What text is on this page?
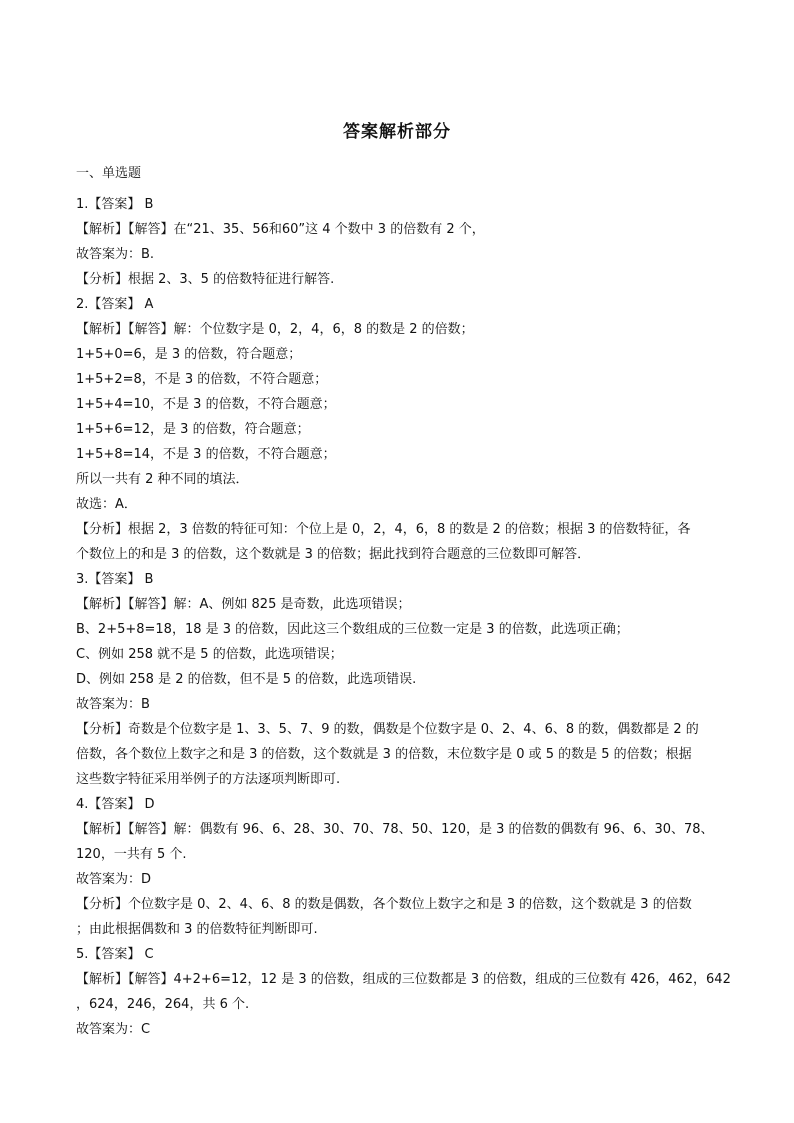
答案解析部分
一、单选题
1.【答案】 B
【解析】【解答】在“21、35、56和60”这 4 个数中 3 的倍数有 2 个，
故答案为：B.
【分析】根据 2、3、5 的倍数特征进行解答.
2.【答案】 A
【解析】【解答】解：个位数字是 0，2，4，6，8 的数是 2 的倍数；
1+5+0=6，是 3 的倍数，符合题意；
1+5+2=8，不是 3 的倍数，不符合题意；
1+5+4=10，不是 3 的倍数，不符合题意；
1+5+6=12，是 3 的倍数，符合题意；
1+5+8=14，不是 3 的倍数，不符合题意；
所以一共有 2 种不同的填法．
故选：A．
【分析】根据 2，3 倍数的特征可知：个位上是 0，2，4，6，8 的数是 2 的倍数；根据 3 的倍数特征，各
个数位上的和是 3 的倍数，这个数就是 3 的倍数；据此找到符合题意的三位数即可解答．
3.【答案】 B
【解析】【解答】解：A、例如 825 是奇数，此选项错误；
B、2+5+8=18，18 是 3 的倍数，因此这三个数组成的三位数一定是 3 的倍数，此选项正确；
C、例如 258 就不是 5 的倍数，此选项错误；
D、例如 258 是 2 的倍数，但不是 5 的倍数，此选项错误.
故答案为：B
【分析】奇数是个位数字是 1、3、5、7、9 的数，偶数是个位数字是 0、2、4、6、8 的数，偶数都是 2 的
倍数，各个数位上数字之和是 3 的倍数，这个数就是 3 的倍数，末位数字是 0 或 5 的数是 5 的倍数；根据
这些数字特征采用举例子的方法逐项判断即可.
4.【答案】 D
【解析】【解答】解：偶数有 96、6、28、30、70、78、50、120，是 3 的倍数的偶数有 96、6、30、78、
120，一共有 5 个.
故答案为：D
【分析】个位数字是 0、2、4、6、8 的数是偶数，各个数位上数字之和是 3 的倍数，这个数就是 3 的倍数
；由此根据偶数和 3 的倍数特征判断即可.
5.【答案】 C
【解析】【解答】4+2+6=12，12 是 3 的倍数，组成的三位数都是 3 的倍数，组成的三位数有 426，462，642
，624，246，264，共 6 个.
故答案为：C
